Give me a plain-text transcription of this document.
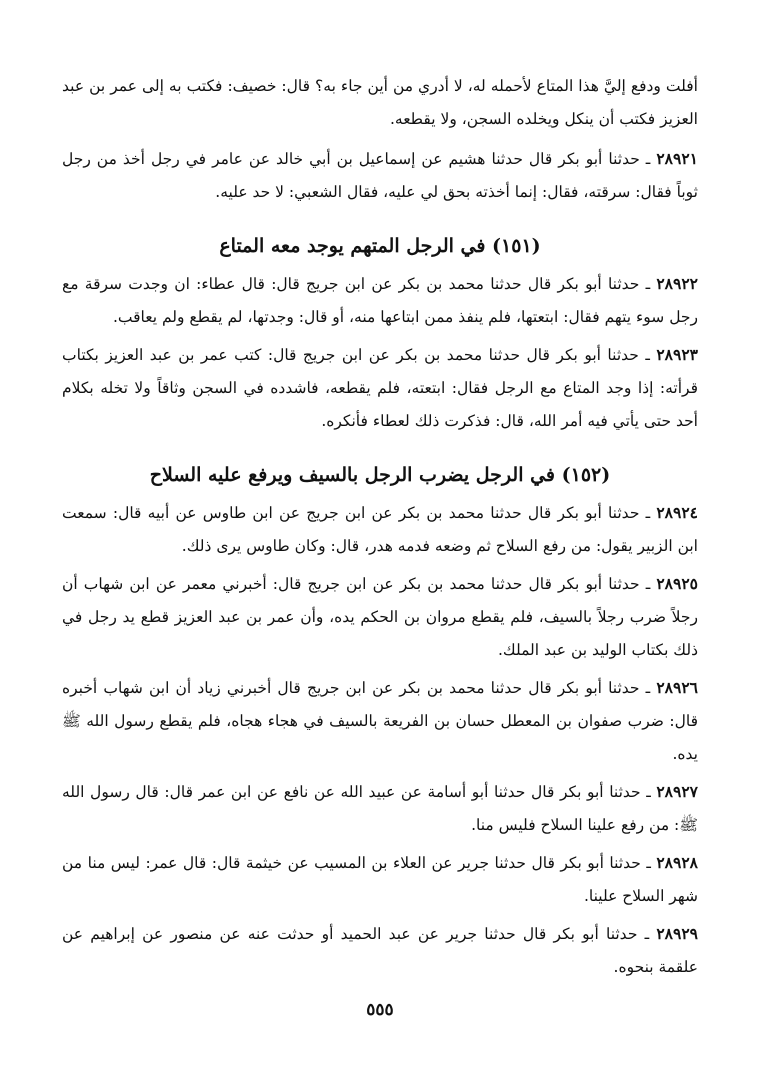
أفلت ودفع إليَّ هذا المتاع لأحمله له، لا أدري من أين جاء به؟ قال: خصيف: فكتب به إلى عمر بن عبد العزيز فكتب أن ينكل ويخلده السجن، ولا يقطعه.

٢٨٩٢١ ـ حدثنا أبو بكر قال حدثنا هشيم عن إسماعيل بن أبي خالد عن عامر في رجل أخذ من رجل ثوباً فقال: سرقته، فقال: إنما أخذته بحق لي عليه، فقال الشعبي: لا حد عليه.

(١٥١) في الرجل المتهم يوجد معه المتاع

٢٨٩٢٢ ـ حدثنا أبو بكر قال حدثنا محمد بن بكر عن ابن جريج قال: قال عطاء: ان وجدت سرقة مع رجل سوء يتهم فقال: ابتعتها، فلم ينفذ ممن ابتاعها منه، أو قال: وجدتها، لم يقطع ولم يعاقب.

٢٨٩٢٣ ـ حدثنا أبو بكر قال حدثنا محمد بن بكر عن ابن جريج قال: كتب عمر بن عبد العزيز بكتاب قرأته: إذا وجد المتاع مع الرجل فقال: ابتعته، فلم يقطعه، فاشدده في السجن وثاقاً ولا تخله بكلام أحد حتى يأتي فيه أمر الله، قال: فذكرت ذلك لعطاء فأنكره.

(١٥٢) في الرجل يضرب الرجل بالسيف ويرفع عليه السلاح

٢٨٩٢٤ ـ حدثنا أبو بكر قال حدثنا محمد بن بكر عن ابن جريج عن ابن طاوس عن أبيه قال: سمعت ابن الزبير يقول: من رفع السلاح ثم وضعه فدمه هدر، قال: وكان طاوس يرى ذلك.

٢٨٩٢٥ ـ حدثنا أبو بكر قال حدثنا محمد بن بكر عن ابن جريج قال: أخبرني معمر عن ابن شهاب أن رجلاً ضرب رجلاً بالسيف، فلم يقطع مروان بن الحكم يده، وأن عمر بن عبد العزيز قطع يد رجل في ذلك بكتاب الوليد بن عبد الملك.

٢٨٩٢٦ ـ حدثنا أبو بكر قال حدثنا محمد بن بكر عن ابن جريج قال أخبرني زياد أن ابن شهاب أخبره قال: ضرب صفوان بن المعطل حسان بن الفريعة بالسيف في هجاء هجاه، فلم يقطع رسول الله ﷺ يده.

٢٨٩٢٧ ـ حدثنا أبو بكر قال حدثنا أبو أسامة عن عبيد الله عن نافع عن ابن عمر قال: قال رسول الله ﷺ: من رفع علينا السلاح فليس منا.

٢٨٩٢٨ ـ حدثنا أبو بكر قال حدثنا جرير عن العلاء بن المسيب عن خيثمة قال: قال عمر: ليس منا من شهر السلاح علينا.

٢٨٩٢٩ ـ حدثنا أبو بكر قال حدثنا جرير عن عبد الحميد أو حدثت عنه عن منصور عن إبراهيم عن علقمة بنحوه.

٥٥٥
